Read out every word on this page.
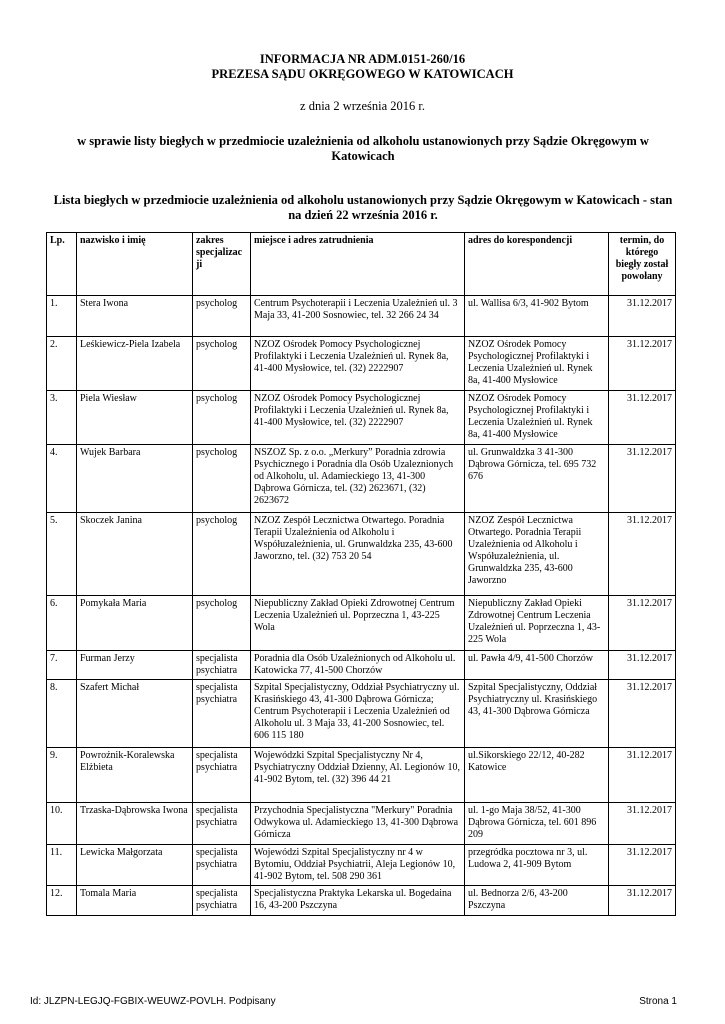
INFORMACJA NR ADM.0151-260/16
PREZESA SĄDU OKRĘGOWEGO W KATOWICACH
z dnia 2 września 2016 r.
w sprawie listy biegłych w przedmiocie uzależnienia od alkoholu ustanowionych przy Sądzie Okręgowym w Katowicach
Lista biegłych w przedmiocie uzależnienia od alkoholu ustanowionych przy Sądzie Okręgowym w Katowicach - stan na dzień 22 września 2016 r.
Lp.	nazwisko i imię	zakres specjalizac ji	miejsce i adres zatrudnienia	adres do korespondencji	termin, do którego biegły został powołany
1.	Stera Iwona	psycholog	Centrum Psychoterapii i Leczenia Uzależnień ul. 3 Maja 33, 41-200 Sosnowiec, tel. 32 266 24 34	ul. Wallisa 6/3, 41-902 Bytom	31.12.2017
2.	Leśkiewicz-Piela Izabela	psycholog	NZOZ Ośrodek Pomocy Psychologicznej Profilaktyki i Leczenia Uzależnień ul. Rynek 8a, 41-400 Mysłowice, tel. (32) 2222907	NZOZ Ośrodek Pomocy Psychologicznej Profilaktyki i Leczenia Uzależnień ul. Rynek 8a, 41-400 Mysłowice	31.12.2017
3.	Piela Wiesław	psycholog	NZOZ Ośrodek Pomocy Psychologicznej Profilaktyki i Leczenia Uzależnień ul. Rynek 8a, 41-400 Mysłowice, tel. (32) 2222907	NZOZ Ośrodek Pomocy Psychologicznej Profilaktyki i Leczenia Uzależnień ul. Rynek 8a, 41-400 Mysłowice	31.12.2017
4.	Wujek Barbara	psycholog	NSZOZ Sp. z o.o. „Merkury” Poradnia zdrowia Psychicznego i Poradnia dla Osób Uzaleznionych od Alkoholu, ul. Adamieckiego 13, 41-300 Dąbrowa Górnicza, tel. (32) 2623671, (32) 2623672	ul. Grunwaldzka 3 41-300 Dąbrowa Górnicza, tel. 695 732 676	31.12.2017
5.	Skoczek Janina	psycholog	NZOZ Zespół Lecznictwa Otwartego. Poradnia Terapii Uzależnienia od Alkoholu i Współuzależnienia, ul. Grunwaldzka 235, 43-600 Jaworzno, tel. (32) 753 20 54	NZOZ Zespół Lecznictwa Otwartego. Poradnia Terapii Uzależnienia od Alkoholu i Współuzależnienia, ul. Grunwaldzka 235, 43-600 Jaworzno	31.12.2017
6.	Pomykała Maria	psycholog	Niepubliczny Zakład Opieki Zdrowotnej Centrum Leczenia Uzależnień ul. Poprzeczna 1, 43-225 Wola	Niepubliczny Zakład Opieki Zdrowotnej Centrum Leczenia Uzależnień ul. Poprzeczna 1, 43-225 Wola	31.12.2017
7.	Furman Jerzy	specjalista psychiatra	Poradnia dla Osób Uzależnionych od Alkoholu ul. Katowicka 77, 41-500 Chorzów	ul. Pawła 4/9, 41-500 Chorzów	31.12.2017
8.	Szafert Michał	specjalista psychiatra	Szpital Specjalistyczny, Oddział Psychiatryczny ul. Krasińskiego 43, 41-300 Dąbrowa Górnicza; Centrum Psychoterapii i Leczenia Uzależnień od Alkoholu ul. 3 Maja 33, 41-200 Sosnowiec, tel. 606 115 180	Szpital Specjalistyczny, Oddział Psychiatryczny ul. Krasińskiego 43, 41-300 Dąbrowa Górnicza	31.12.2017
9.	Powroźnik-Koralewska Elżbieta	specjalista psychiatra	Wojewódzki Szpital Specjalistyczny Nr 4, Psychiatryczny Oddział Dzienny, Al. Legionów 10, 41-902 Bytom, tel. (32) 396 44 21	ul.Sikorskiego 22/12, 40-282 Katowice	31.12.2017
10.	Trzaska-Dąbrowska Iwona	specjalista psychiatra	Przychodnia Specjalistyczna "Merkury" Poradnia Odwykowa ul. Adamieckiego 13, 41-300 Dąbrowa Górnicza	ul. 1-go Maja 38/52, 41-300 Dąbrowa Górnicza, tel. 601 896 209	31.12.2017
11.	Lewicka Małgorzata	specjalista psychiatra	Wojewódzi Szpital Specjalistyczny nr 4 w Bytomiu, Oddział Psychiatrii, Aleja Legionów 10, 41-902 Bytom, tel. 508 290 361	przegródka pocztowa nr 3, ul. Ludowa 2, 41-909 Bytom	31.12.2017
12.	Tomala Maria	specjalista psychiatra	Specjalistyczna Praktyka Lekarska ul. Bogedaina 16, 43-200 Pszczyna	ul. Bednorza 2/6, 43-200 Pszczyna	31.12.2017
Id: JLZPN-LEGJQ-FGBIX-WEUWZ-POVLH. Podpisany	Strona 1
